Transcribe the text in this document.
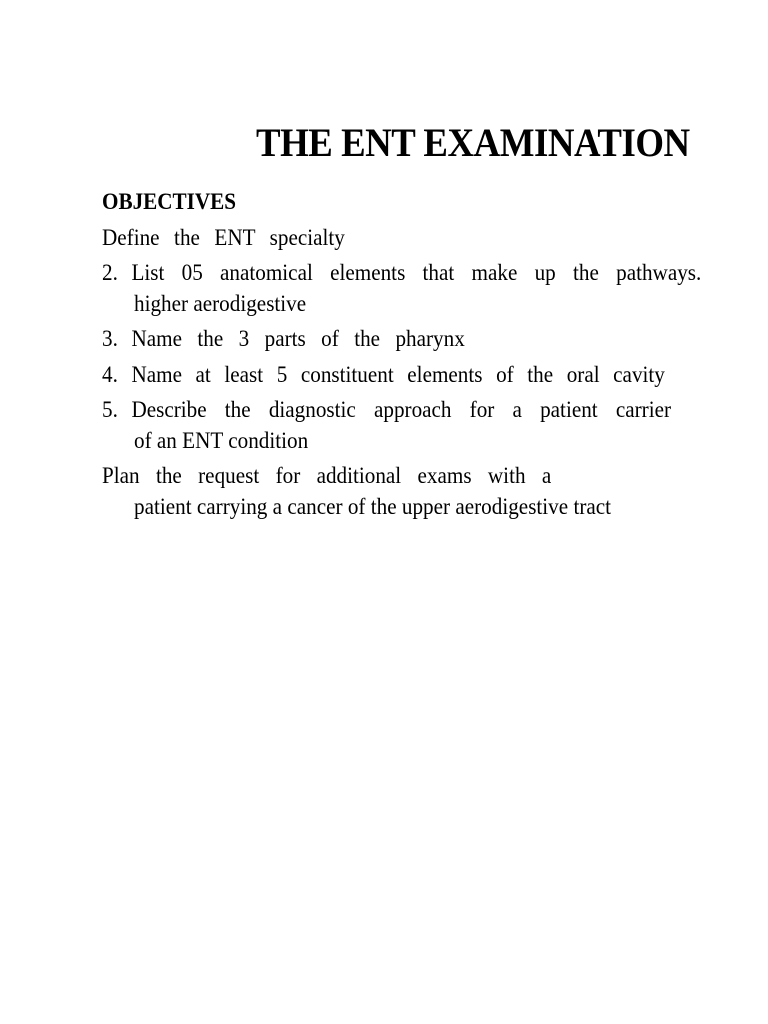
THE ENT EXAMINATION
OBJECTIVES
Define the ENT specialty
2. List 05 anatomical elements that make up the pathways.
higher aerodigestive
3. Name the 3 parts of the pharynx
4. Name at least 5 constituent elements of the oral cavity
5. Describe the diagnostic approach for a patient carrier
of an ENT condition
Plan the request for additional exams with a
patient carrying a cancer of the upper aerodigestive tract
